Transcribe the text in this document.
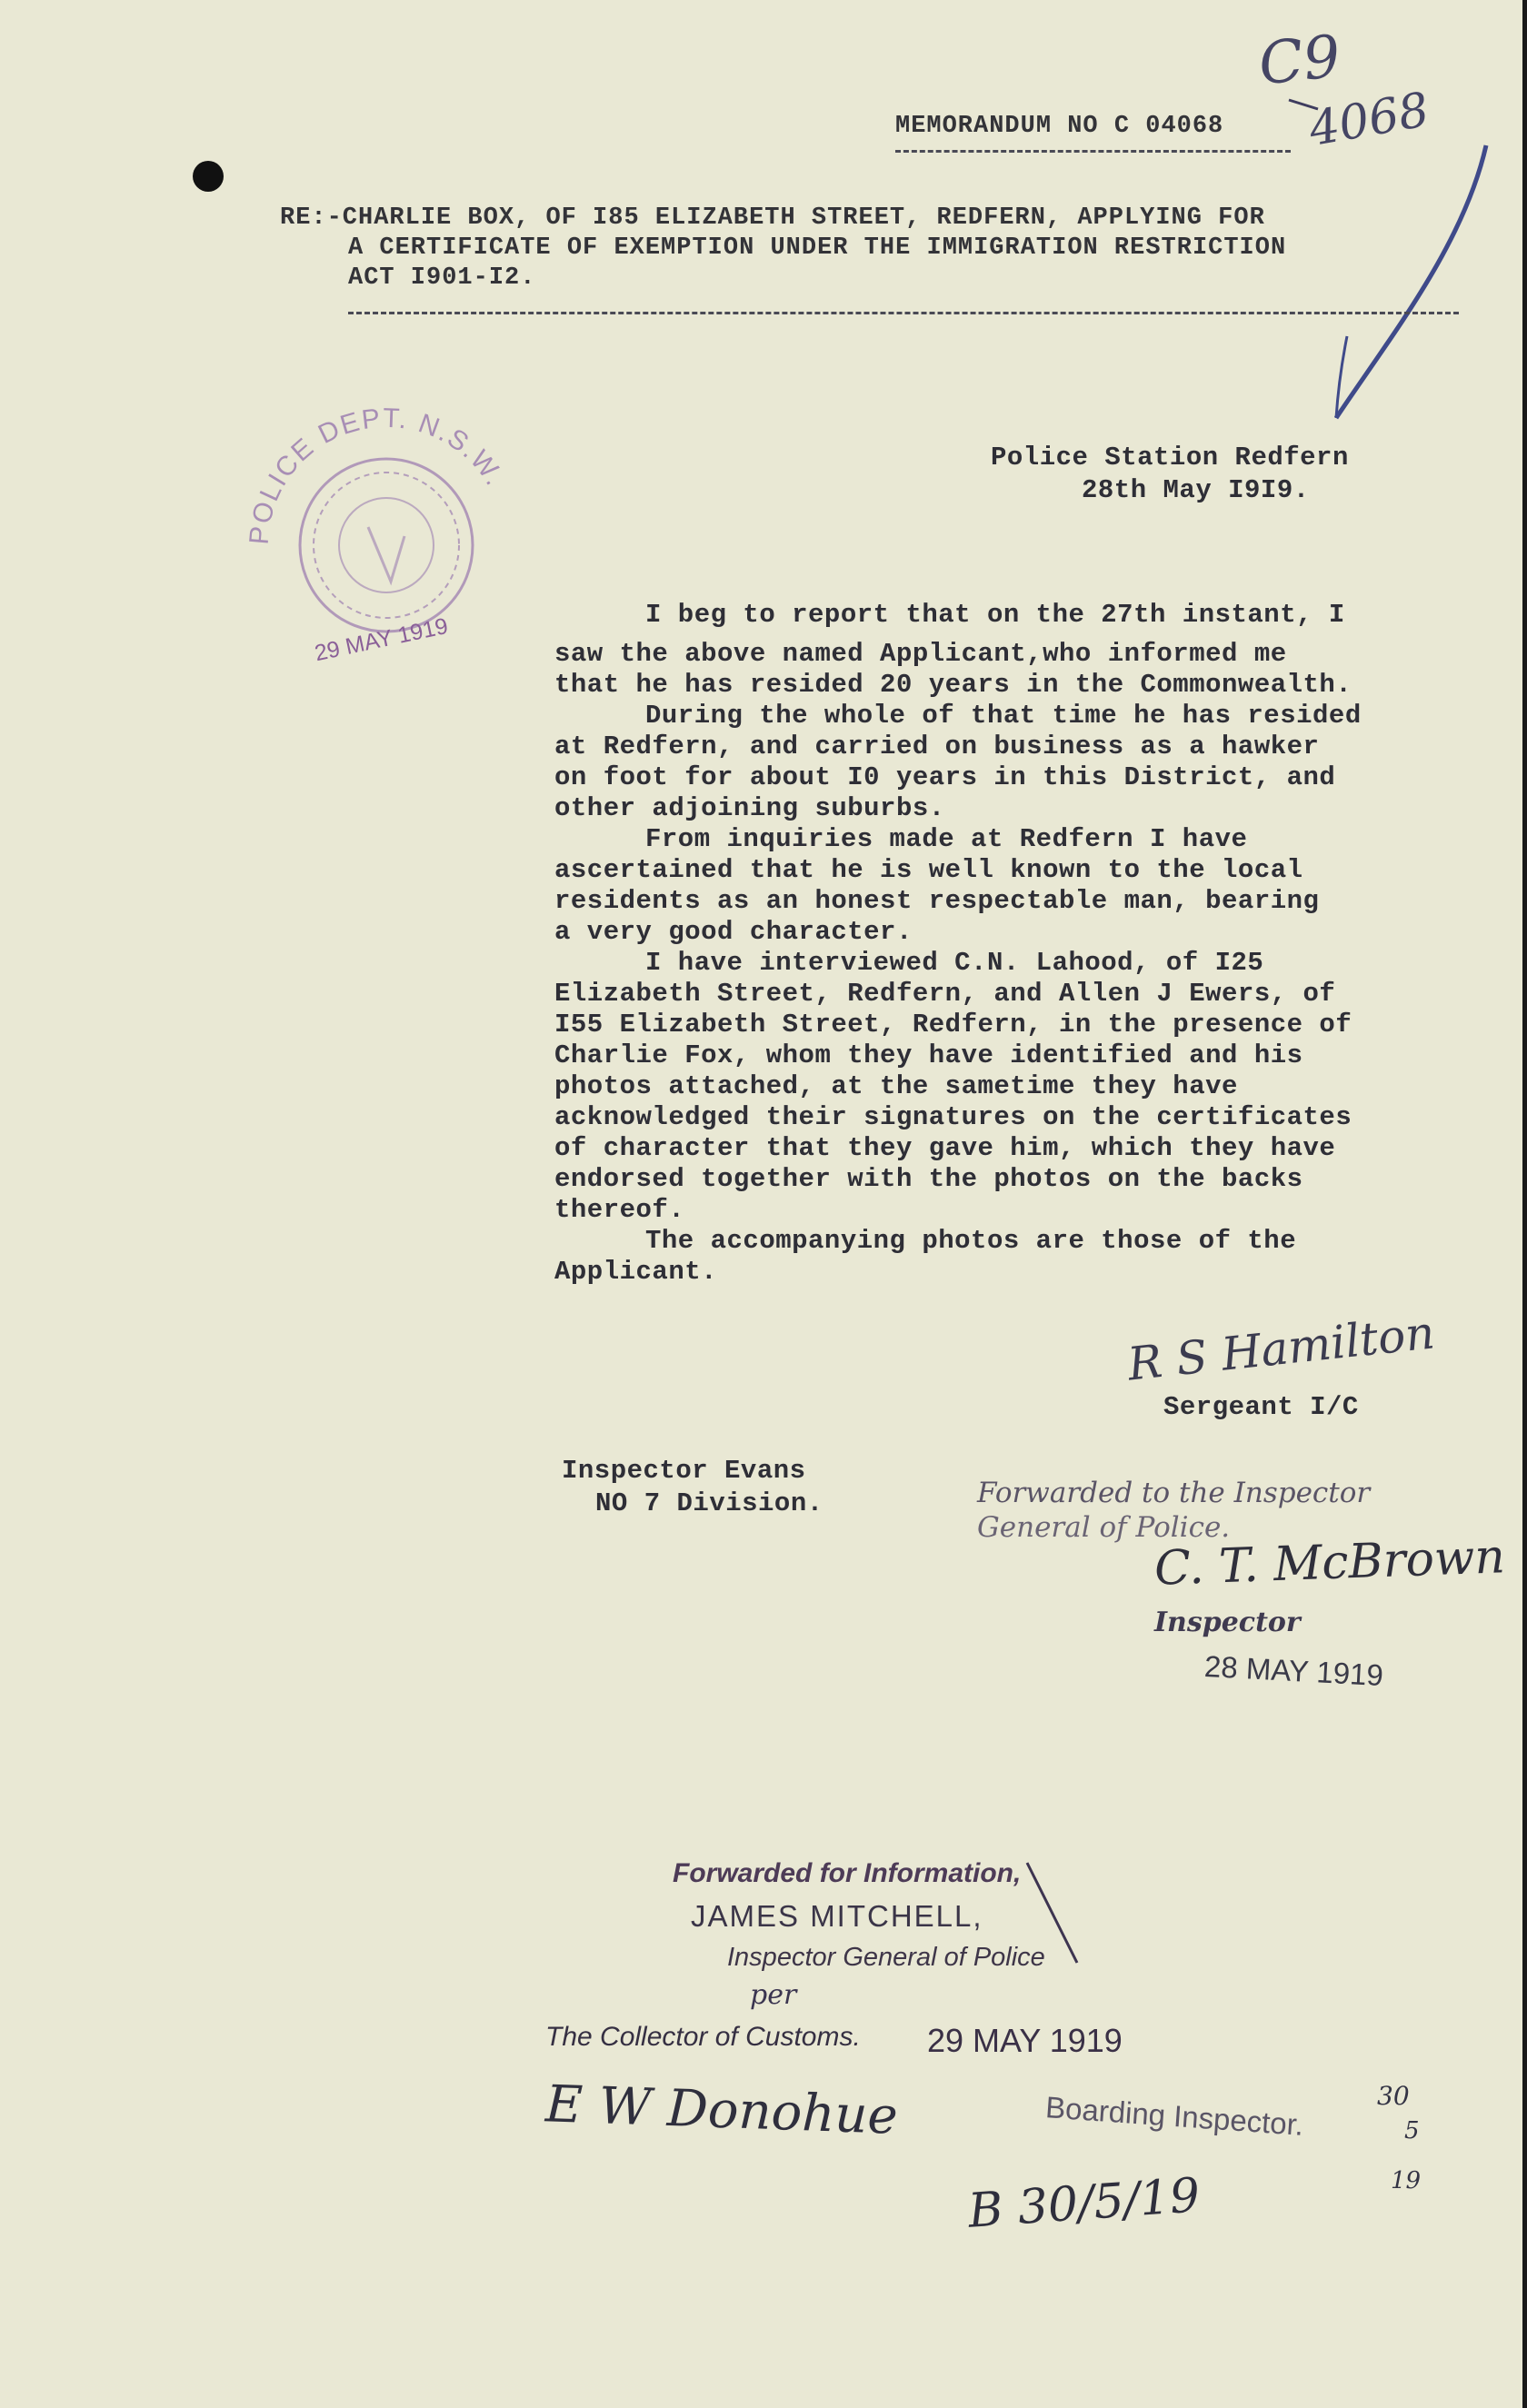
MEMORANDUM NO C 04068
C9
4068
RE:-CHARLIE BOX, OF I85 ELIZABETH STREET, REDFERN, APPLYING FOR
A CERTIFICATE OF EXEMPTION UNDER THE IMMIGRATION RESTRICTION
ACT I901-I2.
POLICE DEPT. N.S.W.
29 MAY 1919
Police Station Redfern
28th May I9I9.
I beg to report that on the 27th instant, I
saw the above named Applicant,who informed me
that he has resided 20 years in the Commonwealth.
During the whole of that time he has resided
at Redfern, and carried on business as a hawker
on foot for about I0 years in this District, and
other adjoining suburbs.
From inquiries made at Redfern I have
ascertained that he is well known to the local
residents as an honest respectable man, bearing
a very good character.
I have interviewed C.N. Lahood, of I25
Elizabeth Street, Redfern, and Allen J Ewers, of
I55 Elizabeth Street, Redfern, in the presence of
Charlie Fox, whom they have identified and his
photos attached, at the sametime they have
acknowledged their signatures on the certificates
of character that they gave him, which they have
endorsed together with the photos on the backs
thereof.
The accompanying photos are those of the
Applicant.
R S Hamilton
Sergeant I/C
Inspector Evans
NO 7 Division.	Forwarded to the Inspector
General of Police.
C. T. McBrown
Inspector
28 MAY 1919
Forwarded for Information,
JAMES MITCHELL,
Inspector General of Police
per
The Collector of Customs. 29 MAY 1919
E W Donohue	Boarding Inspector.	30
5
19
B 30/5/19
